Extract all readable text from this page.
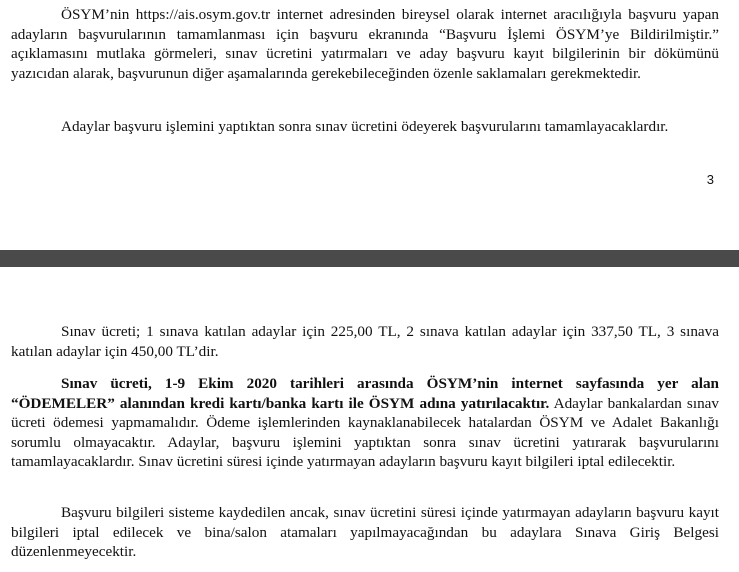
ÖSYM’nin https://ais.osym.gov.tr internet adresinden bireysel olarak internet aracılığıyla başvuru yapan adayların başvurularının tamamlanması için başvuru ekranında “Başvuru İşlemi ÖSYM’ye Bildirilmiştir.” açıklamasını mutlaka görmeleri, sınav ücretini yatırmaları ve aday başvuru kayıt bilgilerinin bir dökümünü yazıcıdan alarak, başvurunun diğer aşamalarında gerekebileceğinden özenle saklamaları gerekmektedir.

Adaylar başvuru işlemini yaptıktan sonra sınav ücretini ödeyerek başvurularını tamamlayacaklardır.

3

Sınav ücreti; 1 sınava katılan adaylar için 225,00 TL, 2 sınava katılan adaylar için 337,50 TL, 3 sınava katılan adaylar için 450,00 TL’dir.

Sınav ücreti, 1-9 Ekim 2020 tarihleri arasında ÖSYM’nin internet sayfasında yer alan “ÖDEMELER” alanından kredi kartı/banka kartı ile ÖSYM adına yatırılacaktır. Adaylar bankalardan sınav ücreti ödemesi yapmamalıdır. Ödeme işlemlerinden kaynaklanabilecek hatalardan ÖSYM ve Adalet Bakanlığı sorumlu olmayacaktır. Adaylar, başvuru işlemini yaptıktan sonra sınav ücretini yatırarak başvurularını tamamlayacaklardır. Sınav ücretini süresi içinde yatırmayan adayların başvuru kayıt bilgileri iptal edilecektir.

Başvuru bilgileri sisteme kaydedilen ancak, sınav ücretini süresi içinde yatırmayan adayların başvuru kayıt bilgileri iptal edilecek ve bina/salon atamaları yapılmayacağından bu adaylara Sınava Giriş Belgesi düzenlenmeyecektir.
